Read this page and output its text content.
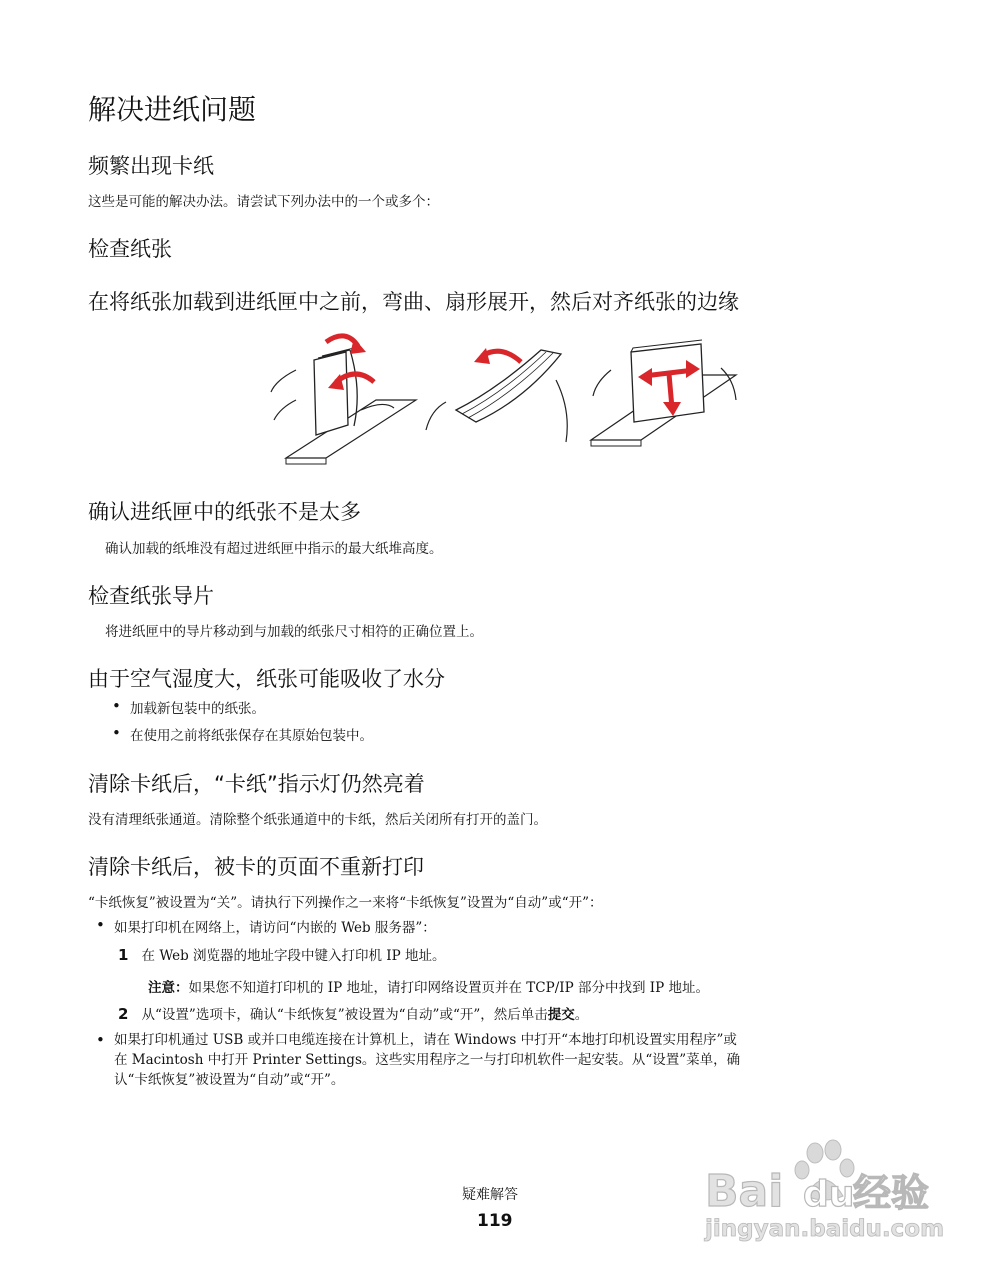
解决进纸问题
频繁出现卡纸

这些是可能的解决办法。请尝试下列办法中的一个或多个：

检查纸张
在将纸张加载到进纸匣中之前，弯曲、扇形展开，然后对齐纸张的边缘
确认进纸匣中的纸张不是太多

确认加载的纸堆没有超过进纸匣中指示的最大纸堆高度。

检查纸张导片

将进纸匣中的导片移动到与加载的纸张尺寸相符的正确位置上。

由于空气湿度大，纸张可能吸收了水分

• 加载新包装中的纸张。

• 在使用之前将纸张保存在其原始包装中。

清除卡纸后，“卡纸”指示灯仍然亮着

没有清理纸张通道。清除整个纸张通道中的卡纸，然后关闭所有打开的盖门。

清除卡纸后，被卡的页面不重新打印

“卡纸恢复”被设置为“关”。请执行下列操作之一来将“卡纸恢复”设置为“自动”或“开”：

• 如果打印机在网络上，请访问“内嵌的 Web 服务器”：

1 在 Web 浏览器的地址字段中键入打印机 IP 地址。
注意：如果您不知道打印机的 IP 地址，请打印网络设置页并在 TCP/IP 部分中找到 IP 地址。
2 从“设置”选项卡，确认“卡纸恢复”被设置为“自动”或“开”，然后单击提交。
• 如果打印机通过 USB 或并口电缆连接在计算机上，请在 Windows 中打开“本地打印机设置实用程序”或
在 Macintosh 中打开 Printer Settings。这些实用程序之一与打印机软件一起安装。从“设置”菜单，确
认“卡纸恢复”被设置为“自动”或“开”。

疑难解答

119

Bai du
经验
jingyan.baidu.com
